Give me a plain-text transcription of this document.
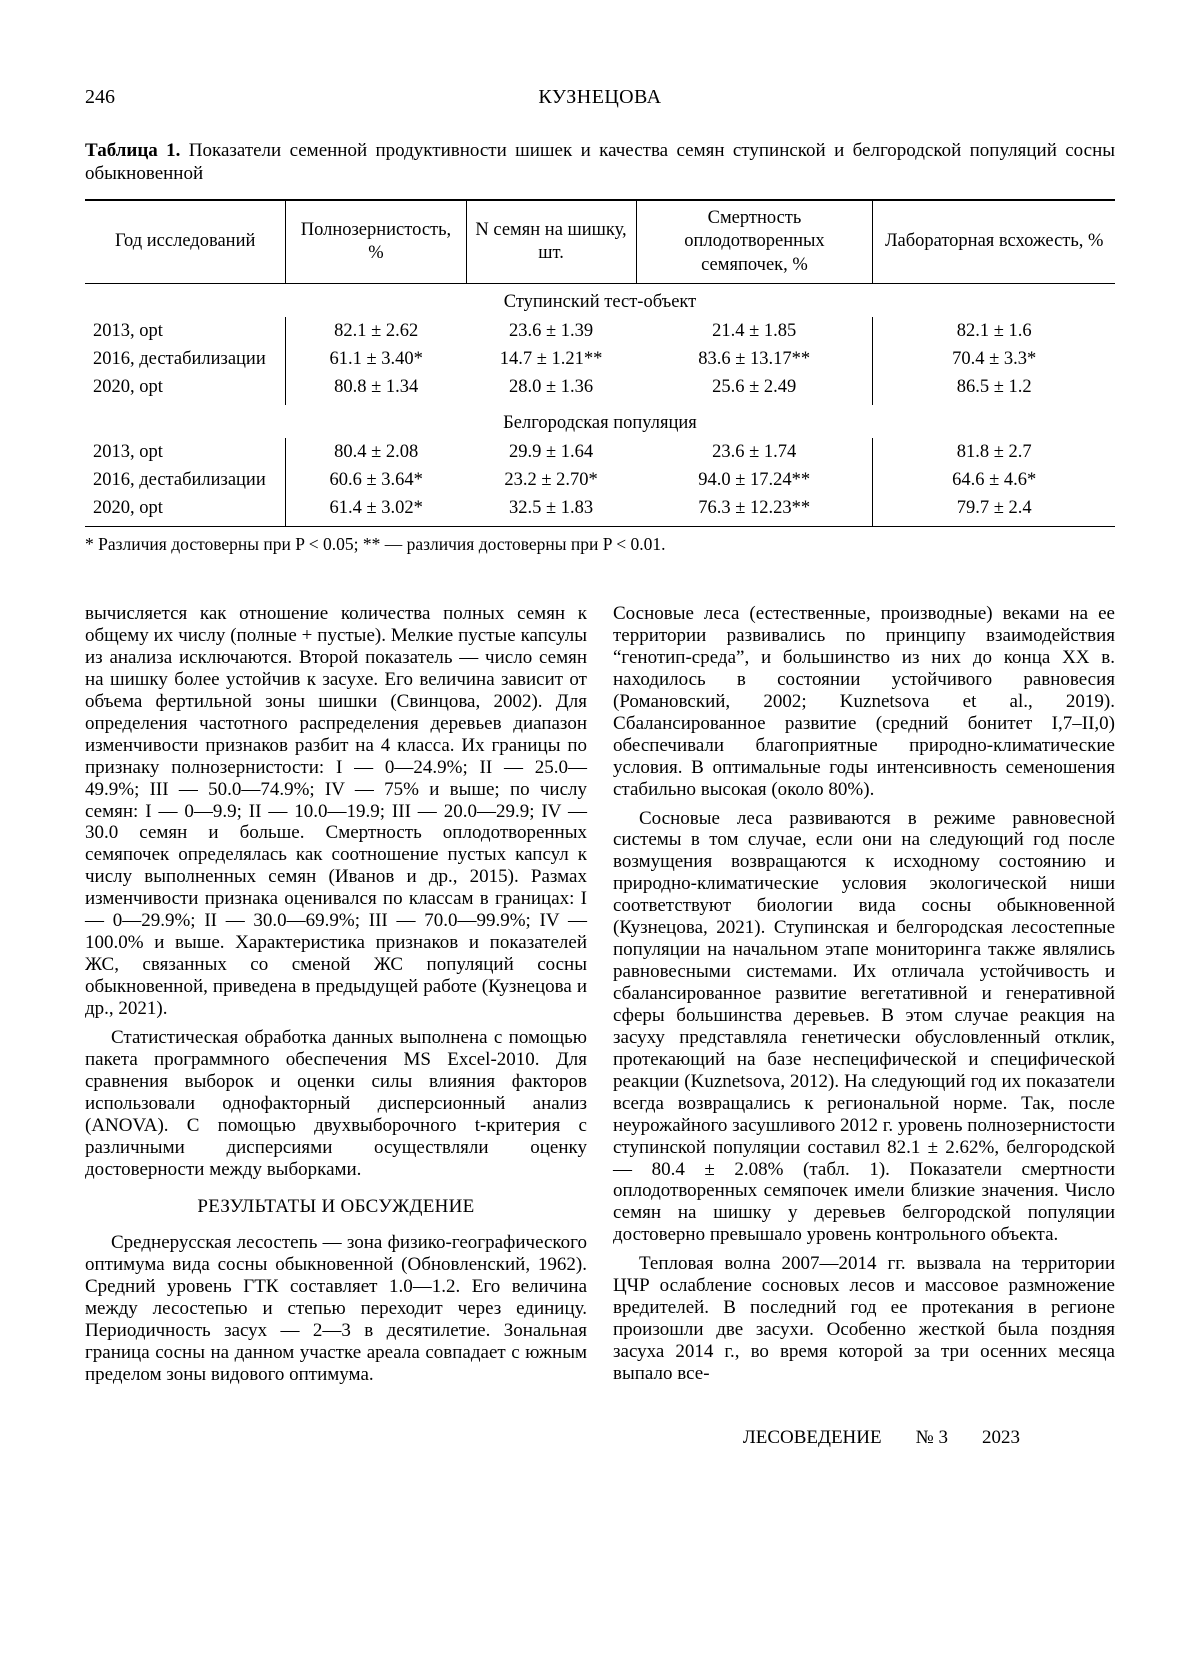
246	КУЗНЕЦОВА

Таблица 1. Показатели семенной продуктивности шишек и качества семян ступинской и белгородской популяций сосны обыкновенной

Год исследований	Полнозернистость, %	N семян на шишку, шт.	Смертность оплодотворенных семяпочек, %	Лабораторная всхожесть, %
Ступинский тест-объект				
2013, opt	82.1 ± 2.62	23.6 ± 1.39	21.4 ± 1.85	82.1 ± 1.6
2016, дестабилизации	61.1 ± 3.40*	14.7 ± 1.21**	83.6 ± 13.17**	70.4 ± 3.3*
2020, opt	80.8 ± 1.34	28.0 ± 1.36	25.6 ± 2.49	86.5 ± 1.2
Белгородская популяция				
2013, opt	80.4 ± 2.08	29.9 ± 1.64	23.6 ± 1.74	81.8 ± 2.7
2016, дестабилизации	60.6 ± 3.64*	23.2 ± 2.70*	94.0 ± 17.24**	64.6 ± 4.6*
2020, opt	61.4 ± 3.02*	32.5 ± 1.83	76.3 ± 12.23**	79.7 ± 2.4

* Различия достоверны при P < 0.05; ** — различия достоверны при P < 0.01.

вычисляется как отношение количества полных семян к общему их числу (полные + пустые). Мелкие пустые капсулы из анализа исключаются. Второй показатель — число семян на шишку более устойчив к засухе. Его величина зависит от объема фертильной зоны шишки (Свинцова, 2002). Для определения частотного распределения деревьев диапазон изменчивости признаков разбит на 4 класса. Их границы по признаку полнозернистости: I — 0—24.9%; II — 25.0—49.9%; III — 50.0—74.9%; IV — 75% и выше; по числу семян: I — 0—9.9; II — 10.0—19.9; III — 20.0—29.9; IV — 30.0 семян и больше. Смертность оплодотворенных семяпочек определялась как соотношение пустых капсул к числу выполненных семян (Иванов и др., 2015). Размах изменчивости признака оценивался по классам в границах: I — 0—29.9%; II — 30.0—69.9%; III — 70.0—99.9%; IV — 100.0% и выше. Характеристика признаков и показателей ЖС, связанных со сменой ЖС популяций сосны обыкновенной, приведена в предыдущей работе (Кузнецова и др., 2021).

Статистическая обработка данных выполнена с помощью пакета программного обеспечения MS Excel-2010. Для сравнения выборок и оценки силы влияния факторов использовали однофакторный дисперсионный анализ (ANOVA). С помощью двухвыборочного t-критерия с различными дисперсиями осуществляли оценку достоверности между выборками.

РЕЗУЛЬТАТЫ И ОБСУЖДЕНИЕ

Среднерусская лесостепь — зона физико-географического оптимума вида сосны обыкновенной (Обновленский, 1962). Средний уровень ГТК составляет 1.0—1.2. Его величина между лесостепью и степью переходит через единицу. Периодичность засух — 2—3 в десятилетие. Зональная граница сосны на данном участке ареала совпадает с южным пределом зоны видового оптимума.

Сосновые леса (естественные, производные) веками на ее территории развивались по принципу взаимодействия “генотип-среда”, и большинство из них до конца XX в. находилось в состоянии устойчивого равновесия (Романовский, 2002; Kuznetsova et al., 2019). Сбалансированное развитие (средний бонитет I,7–II,0) обеспечивали благоприятные природно-климатические условия. В оптимальные годы интенсивность семеношения стабильно высокая (около 80%).

Сосновые леса развиваются в режиме равновесной системы в том случае, если они на следующий год после возмущения возвращаются к исходному состоянию и природно-климатические условия экологической ниши соответствуют биологии вида сосны обыкновенной (Кузнецова, 2021). Ступинская и белгородская лесостепные популяции на начальном этапе мониторинга также являлись равновесными системами. Их отличала устойчивость и сбалансированное развитие вегетативной и генеративной сферы большинства деревьев. В этом случае реакция на засуху представляла генетически обусловленный отклик, протекающий на базе неспецифической и специфической реакции (Kuznetsova, 2012). На следующий год их показатели всегда возвращались к региональной норме. Так, после неурожайного засушливого 2012 г. уровень полнозернистости ступинской популяции составил 82.1 ± 2.62%, белгородской — 80.4 ± 2.08% (табл. 1). Показатели смертности оплодотворенных семяпочек имели близкие значения. Число семян на шишку у деревьев белгородской популяции достоверно превышало уровень контрольного объекта.

Тепловая волна 2007—2014 гг. вызвала на территории ЦЧР ослабление сосновых лесов и массовое размножение вредителей. В последний год ее протекания в регионе произошли две засухи. Особенно жесткой была поздняя засуха 2014 г., во время которой за три осенних месяца выпало все-

ЛЕСОВЕДЕНИЕ № 3 2023
